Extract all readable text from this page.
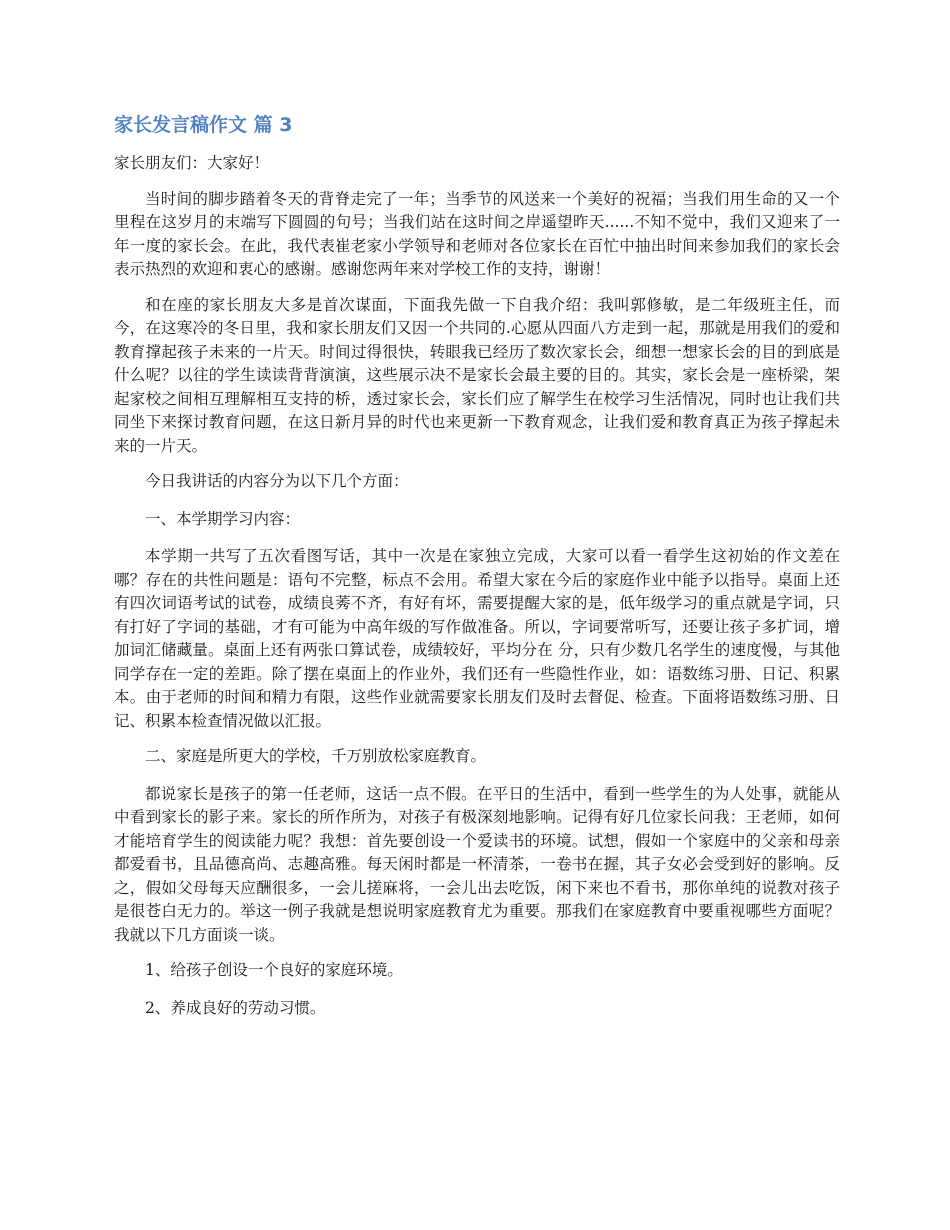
家长发言稿作文 篇 3
家长朋友们：大家好！

当时间的脚步踏着冬天的背脊走完了一年；当季节的风送来一个美好的祝福；当我们用生命的又一个里程在这岁月的末端写下圆圆的句号；当我们站在这时间之岸遥望昨天......不知不觉中，我们又迎来了一年一度的家长会。在此，我代表崔老家小学领导和老师对各位家长在百忙中抽出时间来参加我们的家长会表示热烈的欢迎和衷心的感谢。感谢您两年来对学校工作的支持，谢谢！

和在座的家长朋友大多是首次谋面，下面我先做一下自我介绍：我叫郭修敏，是二年级班主任，而今，在这寒冷的冬日里，我和家长朋友们又因一个共同的.心愿从四面八方走到一起，那就是用我们的爱和教育撑起孩子未来的一片天。时间过得很快，转眼我已经历了数次家长会，细想一想家长会的目的到底是什么呢？以往的学生读读背背演演，这些展示决不是家长会最主要的目的。其实，家长会是一座桥梁，架起家校之间相互理解相互支持的桥，透过家长会，家长们应了解学生在校学习生活情况，同时也让我们共同坐下来探讨教育问题，在这日新月异的时代也来更新一下教育观念，让我们爱和教育真正为孩子撑起未来的一片天。

今日我讲话的内容分为以下几个方面：

一、本学期学习内容：

本学期一共写了五次看图写话，其中一次是在家独立完成，大家可以看一看学生这初始的作文差在哪？存在的共性问题是：语句不完整，标点不会用。希望大家在今后的家庭作业中能予以指导。桌面上还有四次词语考试的试卷，成绩良莠不齐，有好有坏，需要提醒大家的是，低年级学习的重点就是字词，只有打好了字词的基础，才有可能为中高年级的写作做准备。所以，字词要常听写，还要让孩子多扩词，增加词汇储藏量。桌面上还有两张口算试卷，成绩较好，平均分在 分，只有少数几名学生的速度慢，与其他同学存在一定的差距。除了摆在桌面上的作业外，我们还有一些隐性作业，如：语数练习册、日记、积累本。由于老师的时间和精力有限，这些作业就需要家长朋友们及时去督促、检查。下面将语数练习册、日记、积累本检查情况做以汇报。

二、家庭是所更大的学校，千万别放松家庭教育。

都说家长是孩子的第一任老师，这话一点不假。在平日的生活中，看到一些学生的为人处事，就能从中看到家长的影子来。家长的所作所为，对孩子有极深刻地影响。记得有好几位家长问我：王老师，如何才能培育学生的阅读能力呢？我想：首先要创设一个爱读书的环境。试想，假如一个家庭中的父亲和母亲都爱看书，且品德高尚、志趣高雅。每天闲时都是一杯清茶，一卷书在握，其子女必会受到好的影响。反之，假如父母每天应酬很多，一会儿搓麻将，一会儿出去吃饭，闲下来也不看书，那你单纯的说教对孩子是很苍白无力的。举这一例子我就是想说明家庭教育尤为重要。那我们在家庭教育中要重视哪些方面呢？我就以下几方面谈一谈。

1、给孩子创设一个良好的家庭环境。

2、养成良好的劳动习惯。
